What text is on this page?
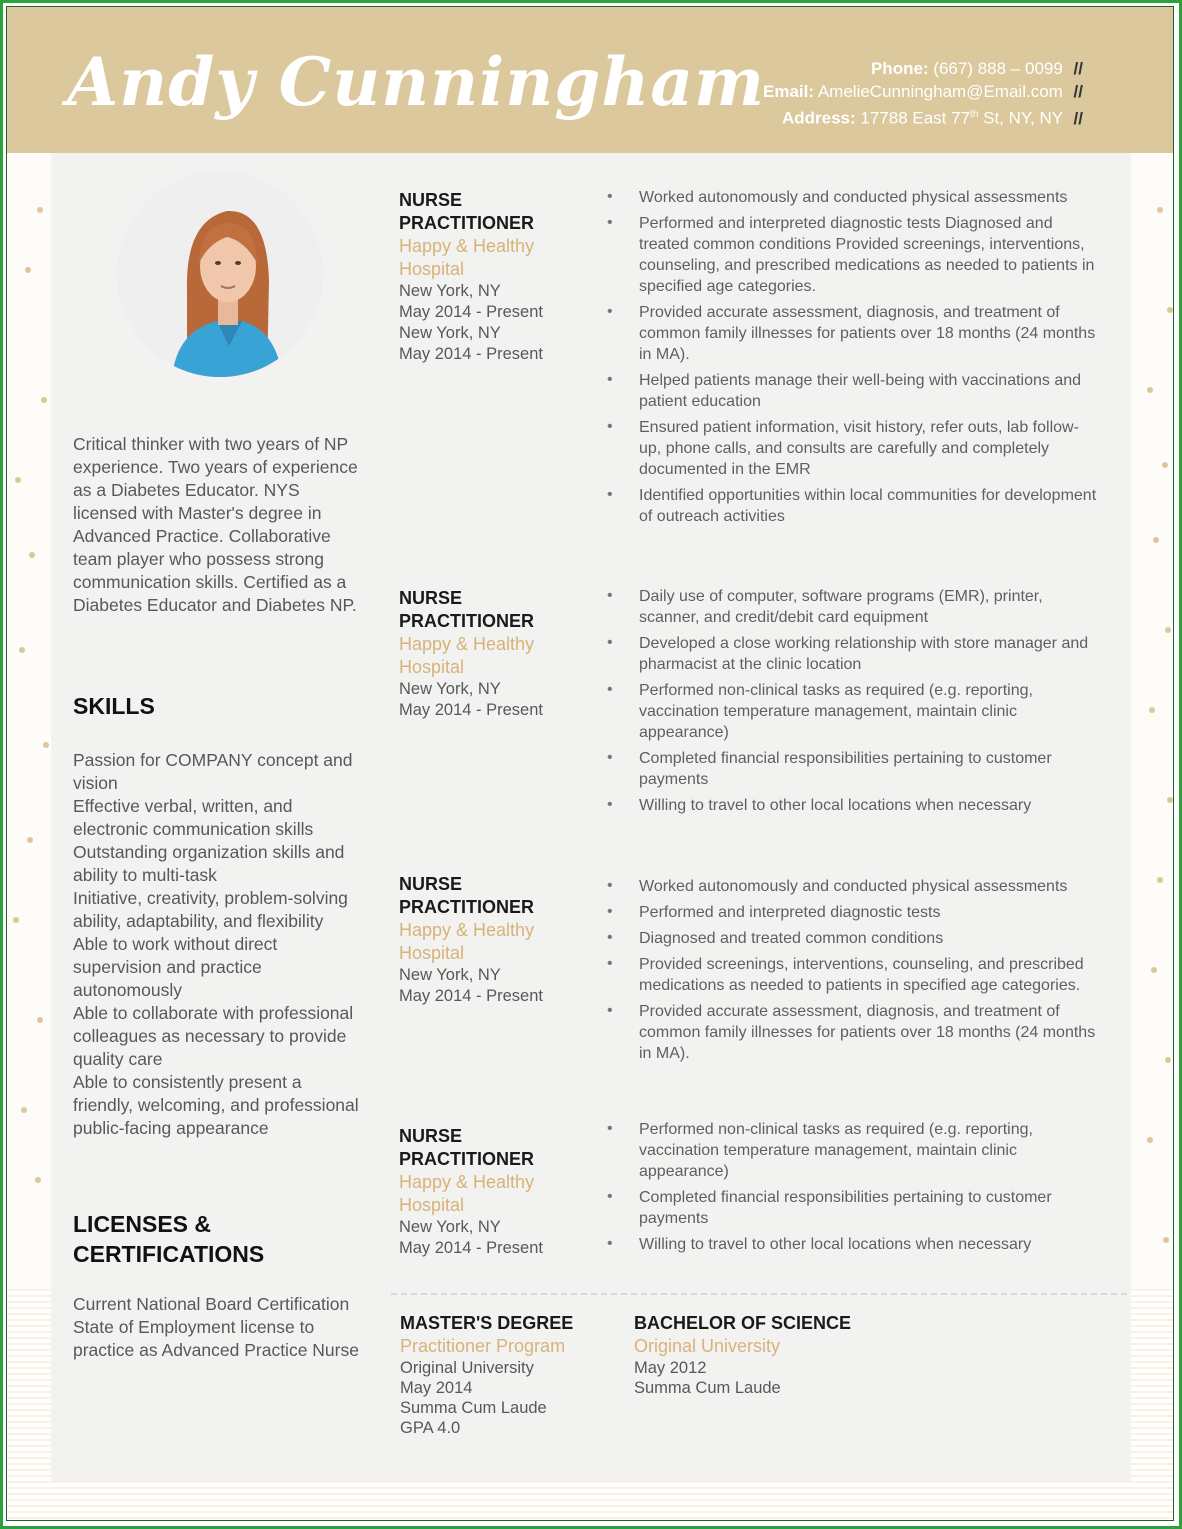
Andy Cunningham	Phone: (667) 888 – 0099 //
Email: AmelieCunningham@Email.com //
Address: 17788 East 77th St, NY, NY //
Critical thinker with two years of NP experience. Two years of experience as a Diabetes Educator. NYS licensed with Master's degree in Advanced Practice. Collaborative team player who possess strong communication skills. Certified as a Diabetes Educator and Diabetes NP.
SKILLS
Passion for COMPANY concept and vision
Effective verbal, written, and electronic communication skills
Outstanding organization skills and ability to multi-task
Initiative, creativity, problem-solving ability, adaptability, and flexibility
Able to work without direct supervision and practice autonomously
Able to collaborate with professional colleagues as necessary to provide quality care
Able to consistently present a friendly, welcoming, and professional public-facing appearance
LICENSES &
CERTIFICATIONS
Current National Board Certification
State of Employment license to practice as Advanced Practice Nurse
NURSE
PRACTITIONER
Happy & Healthy
Hospital
New York, NY
May 2014 - Present
New York, NY
May 2014 - Present
• Worked autonomously and conducted physical assessments
• Performed and interpreted diagnostic tests Diagnosed and treated common conditions Provided screenings, interventions, counseling, and prescribed medications as needed to patients in specified age categories.
• Provided accurate assessment, diagnosis, and treatment of common family illnesses for patients over 18 months (24 months in MA).
• Helped patients manage their well-being with vaccinations and patient education
• Ensured patient information, visit history, refer outs, lab follow-up, phone calls, and consults are carefully and completely documented in the EMR
• Identified opportunities within local communities for development of outreach activities
NURSE
PRACTITIONER
Happy & Healthy
Hospital
New York, NY
May 2014 - Present
• Daily use of computer, software programs (EMR), printer, scanner, and credit/debit card equipment
• Developed a close working relationship with store manager and pharmacist at the clinic location
• Performed non-clinical tasks as required (e.g. reporting, vaccination temperature management, maintain clinic appearance)
• Completed financial responsibilities pertaining to customer payments
• Willing to travel to other local locations when necessary
NURSE
PRACTITIONER
Happy & Healthy
Hospital
New York, NY
May 2014 - Present
• Worked autonomously and conducted physical assessments
• Performed and interpreted diagnostic tests
• Diagnosed and treated common conditions
• Provided screenings, interventions, counseling, and prescribed medications as needed to patients in specified age categories.
• Provided accurate assessment, diagnosis, and treatment of common family illnesses for patients over 18 months (24 months in MA).
NURSE
PRACTITIONER
Happy & Healthy
Hospital
New York, NY
May 2014 - Present
• Performed non-clinical tasks as required (e.g. reporting, vaccination temperature management, maintain clinic appearance)
• Completed financial responsibilities pertaining to customer payments
• Willing to travel to other local locations when necessary
MASTER'S DEGREE
Practitioner Program
Original University
May 2014
Summa Cum Laude
GPA 4.0
BACHELOR OF SCIENCE
Original University
May 2012
Summa Cum Laude
